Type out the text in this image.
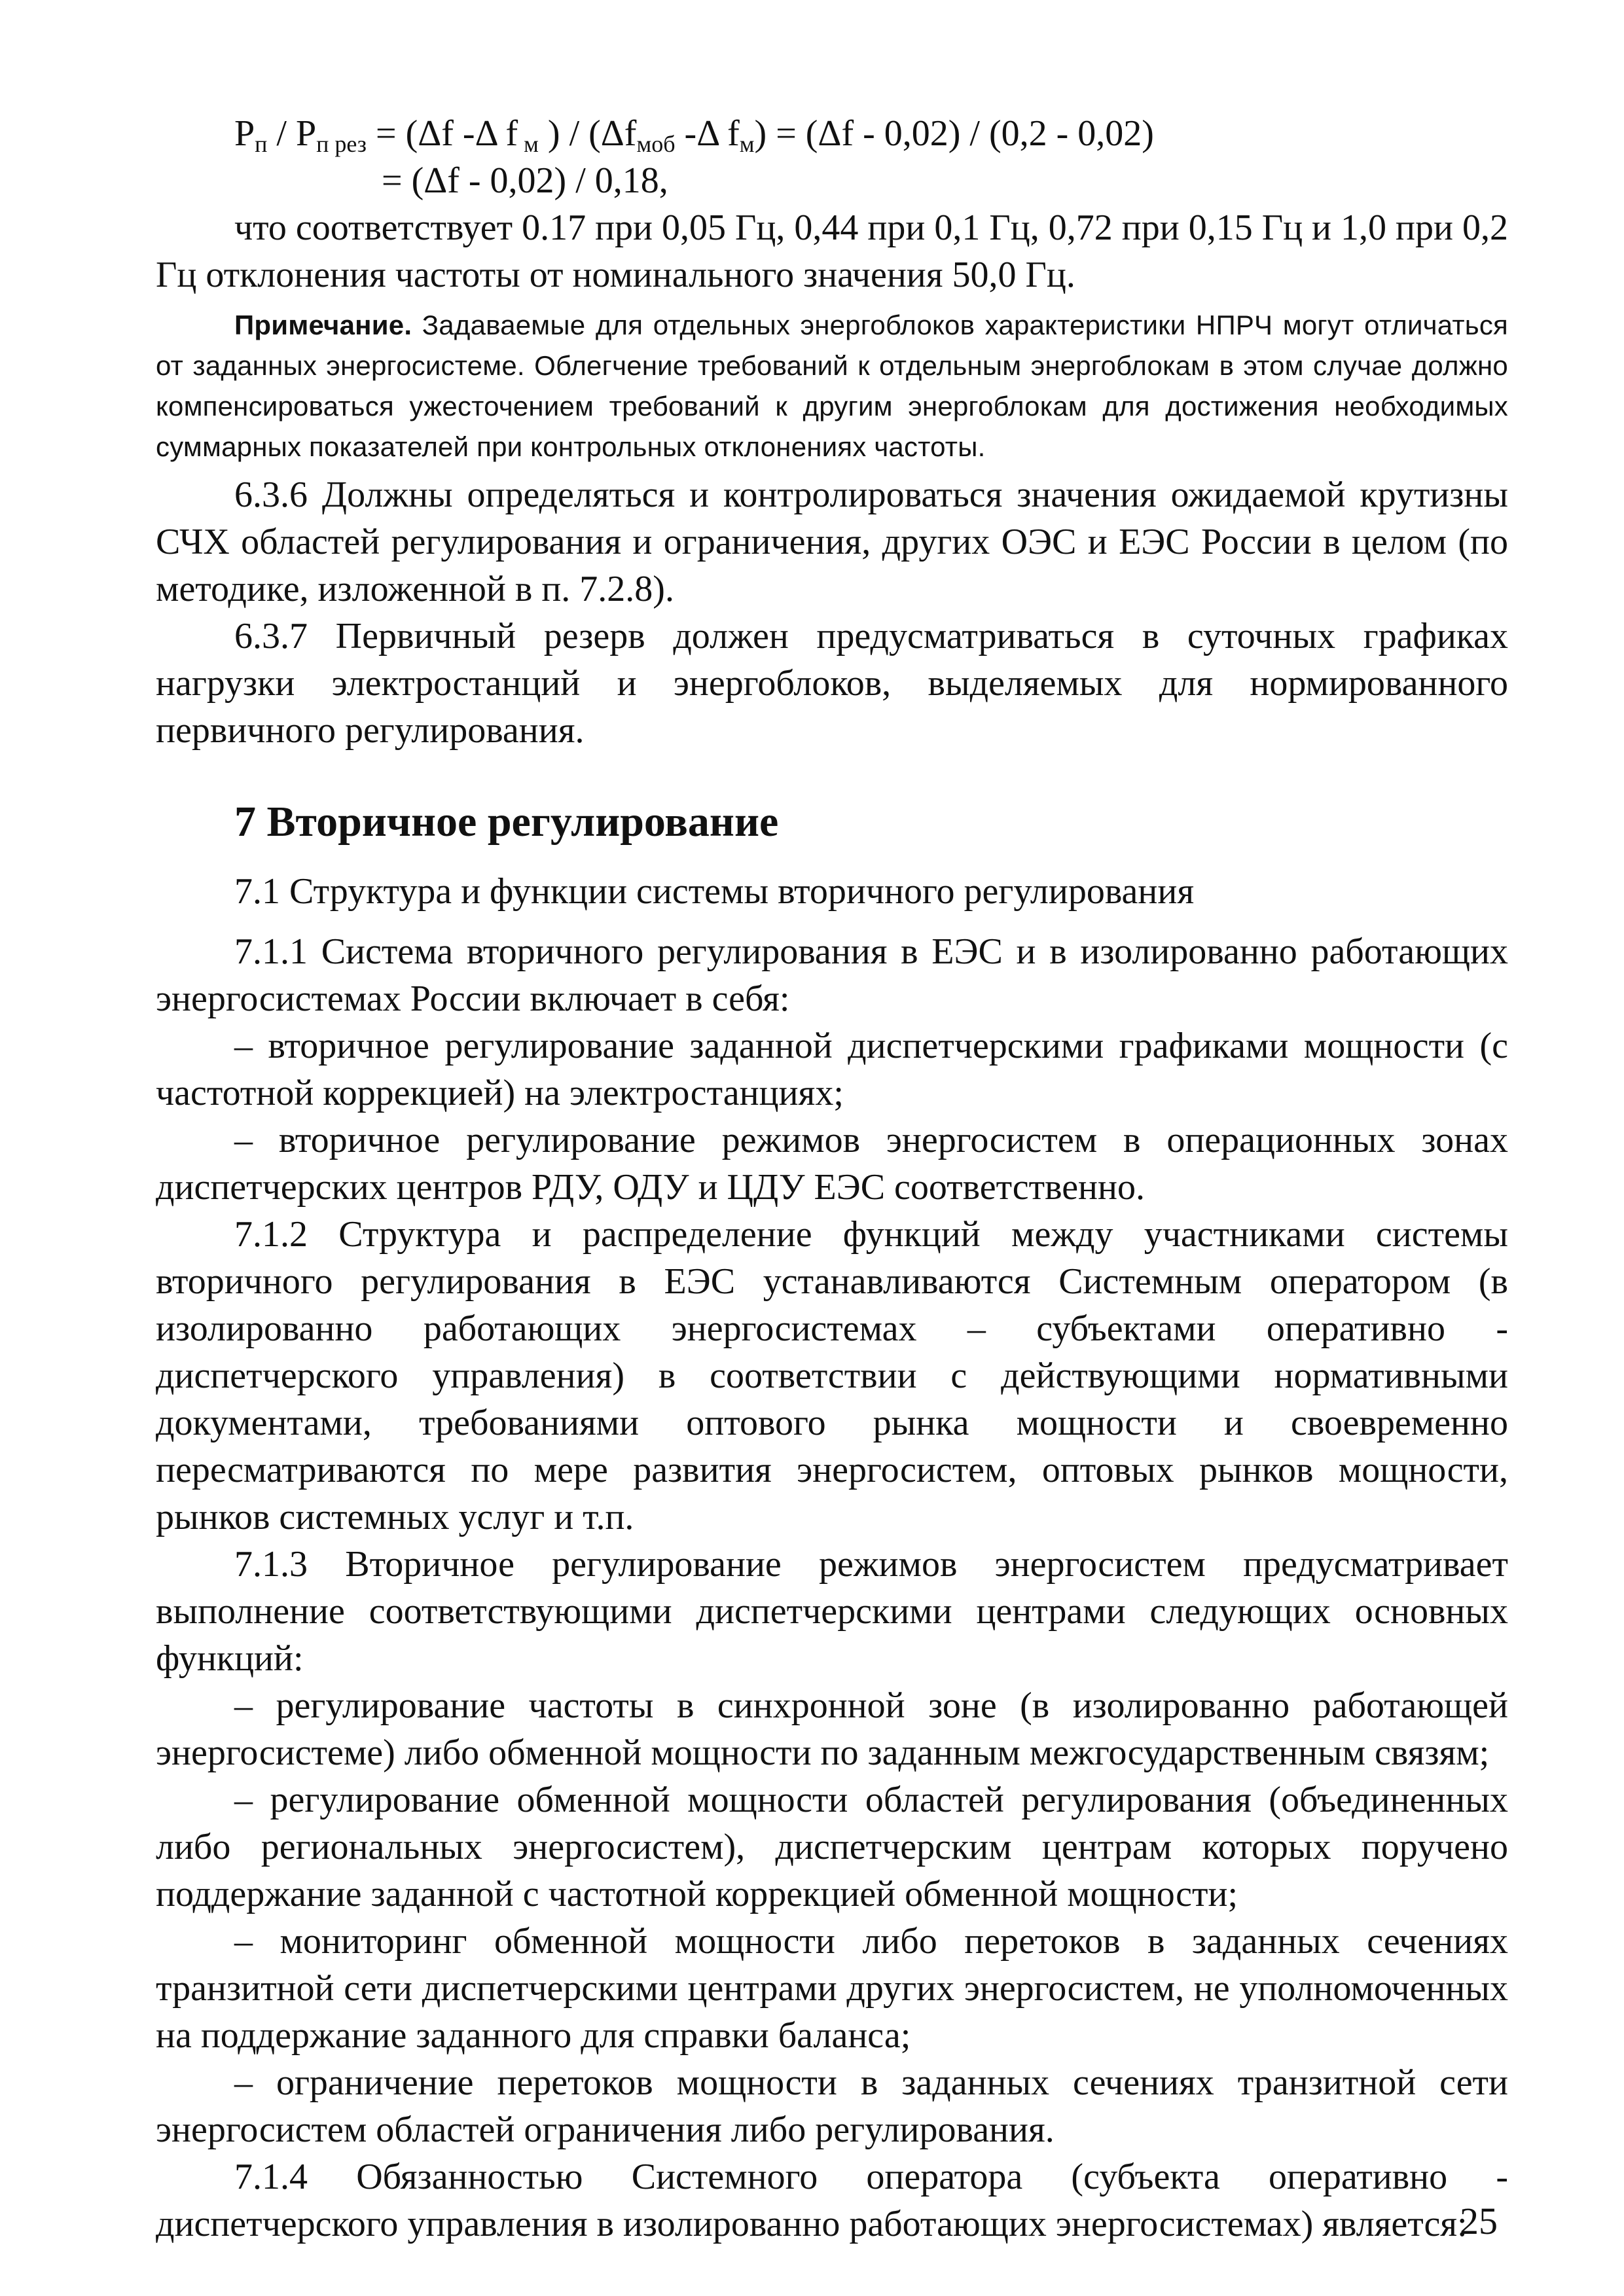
$P_п / P_{п рез} = (\Delta f$ -Δ f $_м$ ) / ($\Delta f_{моб}$ -Δ $f_м) = (\Delta f - 0,02) / (0,2 - 0,02)$

= (Δf - 0,02) / 0,18,

что соответствует 0.17 при 0,05 Гц, 0,44 при 0,1 Гц, 0,72 при 0,15 Гц и 1,0 при 0,2 Гц отклонения частоты от номинального значения 50,0 Гц.

Примечание. Задаваемые для отдельных энергоблоков характеристики НПРЧ могут отличаться от заданных энергосистеме. Облегчение требований к отдельным энергоблокам в этом случае должно компенсироваться ужесточением требований к другим энергоблокам для достижения необходимых суммарных показателей при контрольных отклонениях частоты.

6.3.6 Должны определяться и контролироваться значения ожидаемой крутизны СЧХ областей регулирования и ограничения, других ОЭС и ЕЭС России в целом (по методике, изложенной в п. 7.2.8).

6.3.7 Первичный резерв должен предусматриваться в суточных графиках нагрузки электростанций и энергоблоков, выделяемых для нормированного первичного регулирования.

7 Вторичное регулирование
7.1 Структура и функции системы вторичного регулирования

7.1.1 Система вторичного регулирования в ЕЭС и в изолированно работающих энергосистемах России включает в себя:

– вторичное регулирование заданной диспетчерскими графиками мощности (с частотной коррекцией) на электростанциях;

– вторичное регулирование режимов энергосистем в операционных зонах диспетчерских центров РДУ, ОДУ и ЦДУ ЕЭС соответственно.

7.1.2 Структура и распределение функций между участниками системы вторичного регулирования в ЕЭС устанавливаются Системным оператором (в изолированно работающих энергосистемах – субъектами оперативно - диспетчерского управления) в соответствии с действующими нормативными документами, требованиями оптового рынка мощности и своевременно пересматриваются по мере развития энергосистем, оптовых рынков мощности, рынков системных услуг и т.п.

7.1.3 Вторичное регулирование режимов энергосистем предусматривает выполнение соответствующими диспетчерскими центрами следующих основных функций:

– регулирование частоты в синхронной зоне (в изолированно работающей энергосистеме) либо обменной мощности по заданным межгосударственным связям;

– регулирование обменной мощности областей регулирования (объединенных либо региональных энергосистем), диспетчерским центрам которых поручено поддержание заданной с частотной коррекцией обменной мощности;

– мониторинг обменной мощности либо перетоков в заданных сечениях транзитной сети диспетчерскими центрами других энергосистем, не уполномоченных на поддержание заданного для справки баланса;

– ограничение перетоков мощности в заданных сечениях транзитной сети энергосистем областей ограничения либо регулирования.

7.1.4 Обязанностью Системного оператора (субъекта оперативно - диспетчерского управления в изолированно работающих энергосистемах) является:

25
